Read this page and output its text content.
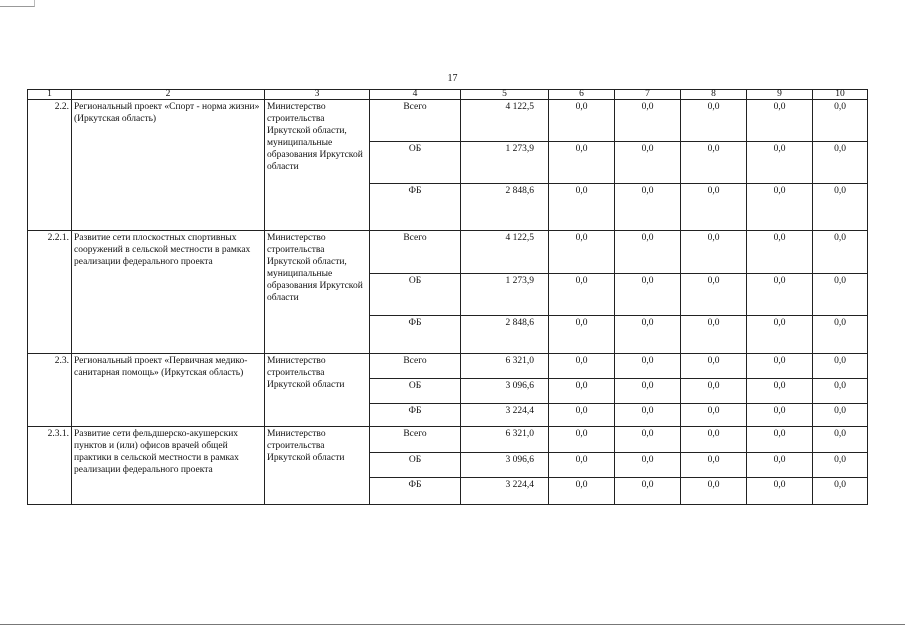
17
1	2	3	4	5	6	7	8	9	10
2.2.	Региональный проект «Спорт - норма жизни» (Иркутская область)	Министерство строительства Иркутской области, муниципальные образования Иркутской области	Всего	4 122,5	0,0	0,0	0,0	0,0	0,0
			ОБ	1 273,9	0,0	0,0	0,0	0,0	0,0
			ФБ	2 848,6	0,0	0,0	0,0	0,0	0,0
2.2.1.	Развитие сети плоскостных спортивных сооружений в сельской местности в рамках реализации федерального проекта	Министерство строительства Иркутской области, муниципальные образования Иркутской области	Всего	4 122,5	0,0	0,0	0,0	0,0	0,0
			ОБ	1 273,9	0,0	0,0	0,0	0,0	0,0
			ФБ	2 848,6	0,0	0,0	0,0	0,0	0,0
2.3.	Региональный проект «Первичная медико-санитарная помощь» (Иркутская область)	Министерство строительства Иркутской области	Всего	6 321,0	0,0	0,0	0,0	0,0	0,0
			ОБ	3 096,6	0,0	0,0	0,0	0,0	0,0
			ФБ	3 224,4	0,0	0,0	0,0	0,0	0,0
2.3.1.	Развитие сети фельдшерско-акушерских пунктов и (или) офисов врачей общей практики в сельской местности в рамках реализации федерального проекта	Министерство строительства Иркутской области	Всего	6 321,0	0,0	0,0	0,0	0,0	0,0
			ОБ	3 096,6	0,0	0,0	0,0	0,0	0,0
			ФБ	3 224,4	0,0	0,0	0,0	0,0	0,0
